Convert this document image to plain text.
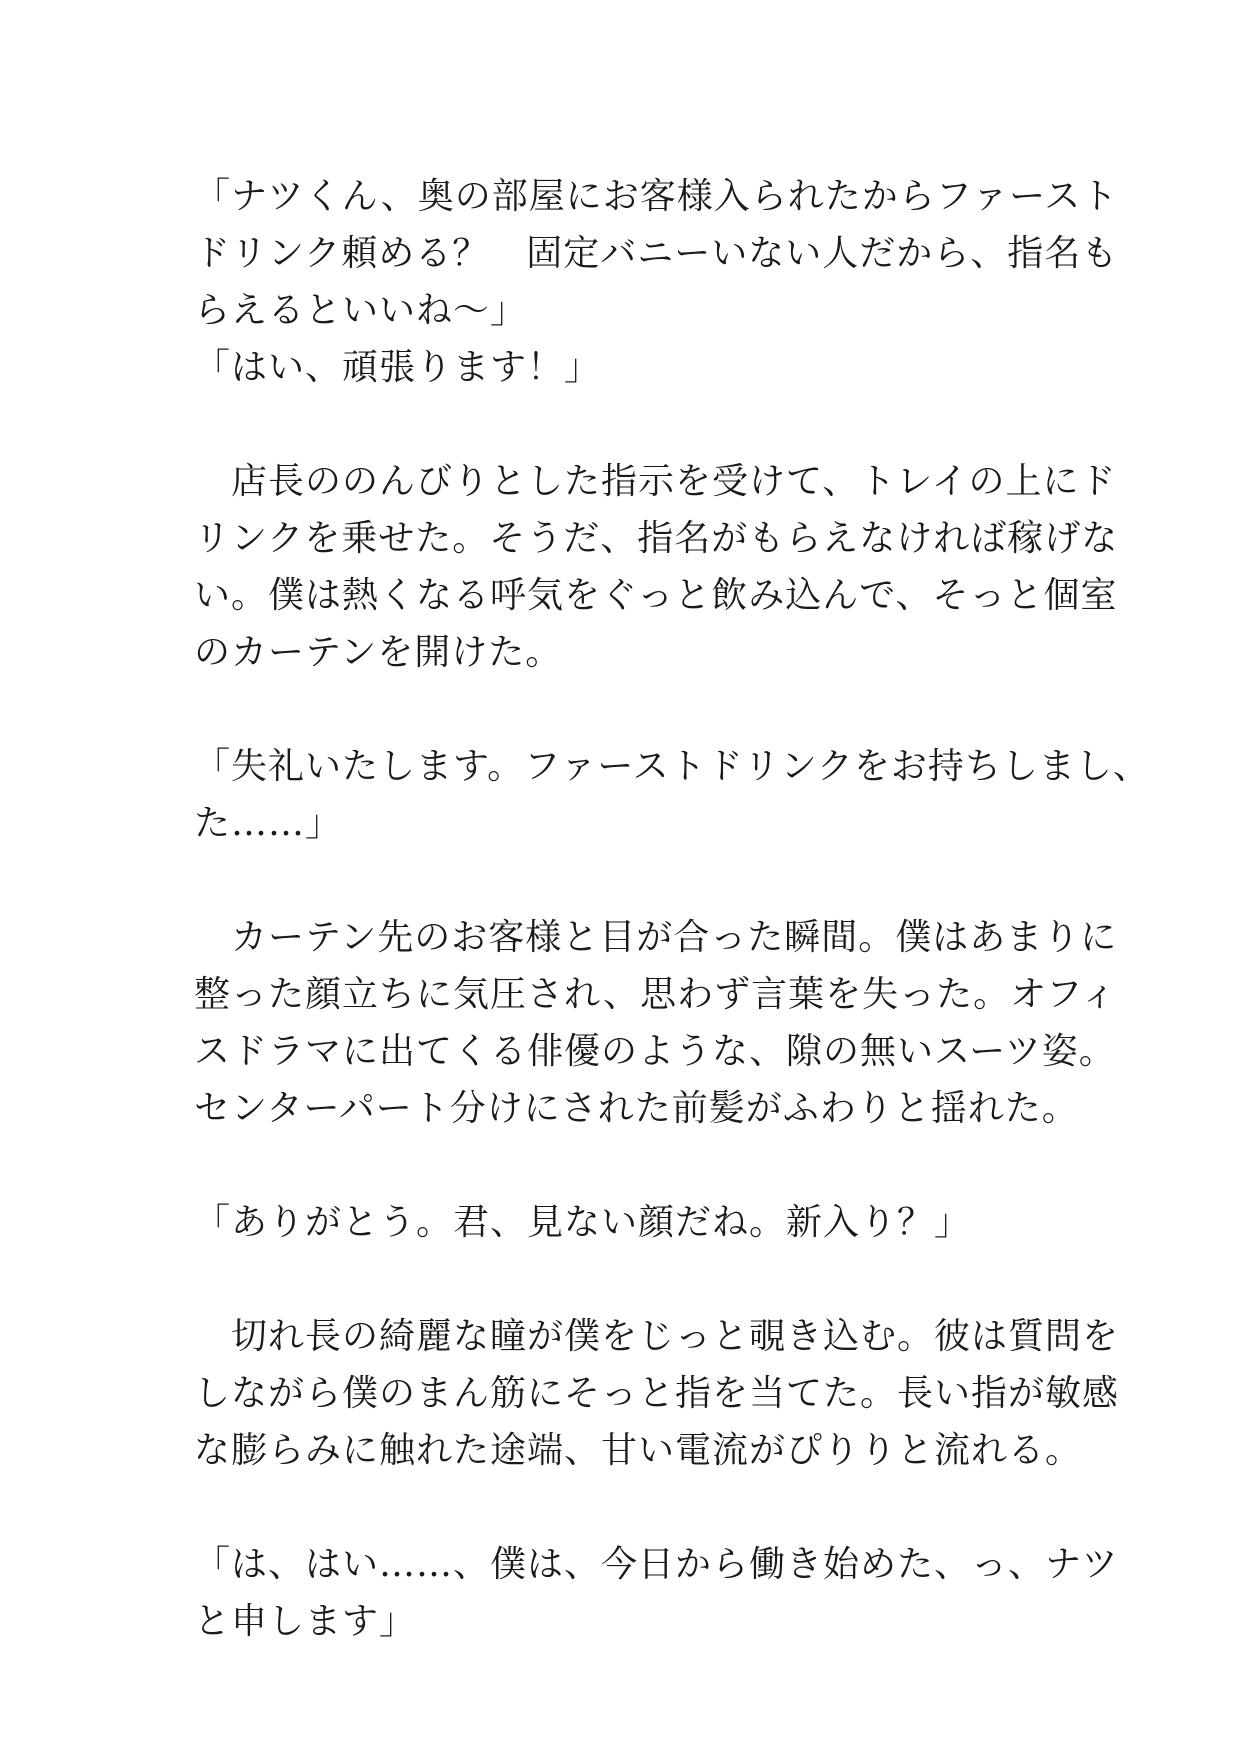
「ナツくん、奥の部屋にお客様入られたからファースト
ドリンク頼める？　固定バニーいない人だから、指名も
らえるといいね～」
「はい、頑張ります！」
　店長ののんびりとした指示を受けて、トレイの上にド
リンクを乗せた。そうだ、指名がもらえなければ稼げな
い。僕は熱くなる呼気をぐっと飲み込んで、そっと個室
のカーテンを開けた。
「失礼いたします。ファーストドリンクをお持ちしまし、
た……」
　カーテン先のお客様と目が合った瞬間。僕はあまりに
整った顔立ちに気圧され、思わず言葉を失った。オフィ
スドラマに出てくる俳優のような、隙の無いスーツ姿。
センターパート分けにされた前髪がふわりと揺れた。
「ありがとう。君、見ない顔だね。新入り？」
　切れ長の綺麗な瞳が僕をじっと覗き込む。彼は質問を
しながら僕のまん筋にそっと指を当てた。長い指が敏感
な膨らみに触れた途端、甘い電流がぴりりと流れる。
「は、はい……、僕は、今日から働き始めた、っ、ナツ
と申します」
